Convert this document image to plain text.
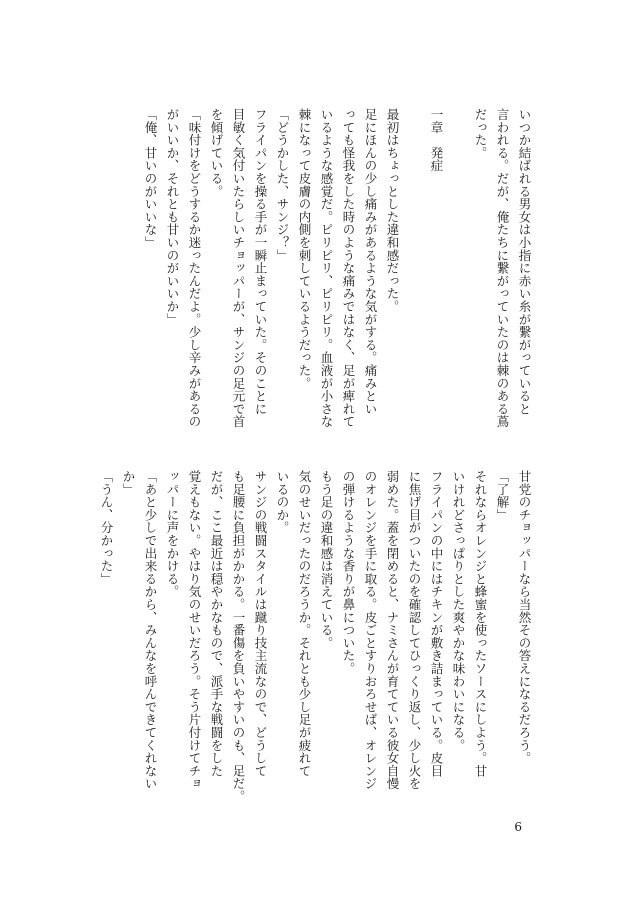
いつか結ばれる男女は小指に赤い糸が繋がっていると

言われる。だが、俺たちに繋がっていたのは棘のある蔦

だった。

一章　発症

最初はちょっとした違和感だった。

足にほんの少し痛みがあるような気がする。痛みとい

っても怪我をした時のような痛みではなく、足が痺れて

いるような感覚だ。ピリピリ、ピリピリ。血液が小さな

棘になって皮膚の内側を刺しているようだった。

「どうかした、サンジ？」

フライパンを操る手が一瞬止まっていた。そのことに

目敏く気付いたらしいチョッパーが、サンジの足元で首

を傾げている。

「味付けをどうするか迷ったんだよ。少し辛みがあるの

がいいか、それとも甘いのがいいか」

「俺、甘いのがいいな」

甘党のチョッパーなら当然その答えになるだろう。

「了解」

それならオレンジと蜂蜜を使ったソースにしよう。甘

いけれどさっぱりとした爽やかな味わいになる。

フライパンの中にはチキンが敷き詰まっている。皮目

に焦げ目がついたのを確認してひっくり返し、少し火を

弱めた。蓋を閉めると、ナミさんが育てている彼女自慢

のオレンジを手に取る。皮ごとすりおろせば、オレンジ

の弾けるような香りが鼻についた。

もう足の違和感は消えている。

気のせいだったのだろうか。それとも少し足が疲れて

いるのか。

サンジの戦闘スタイルは蹴り技主流なので、どうして

も足腰に負担がかかる。一番傷を負いやすいのも、足だ。

だが、ここ最近は穏やかなもので、派手な戦闘をした

覚えもない。やはり気のせいだろう。そう片付けてチョ

ッパーに声をかける。

「あと少しで出来るから、みんなを呼んできてくれない

か」

「うん、分かった」

6
